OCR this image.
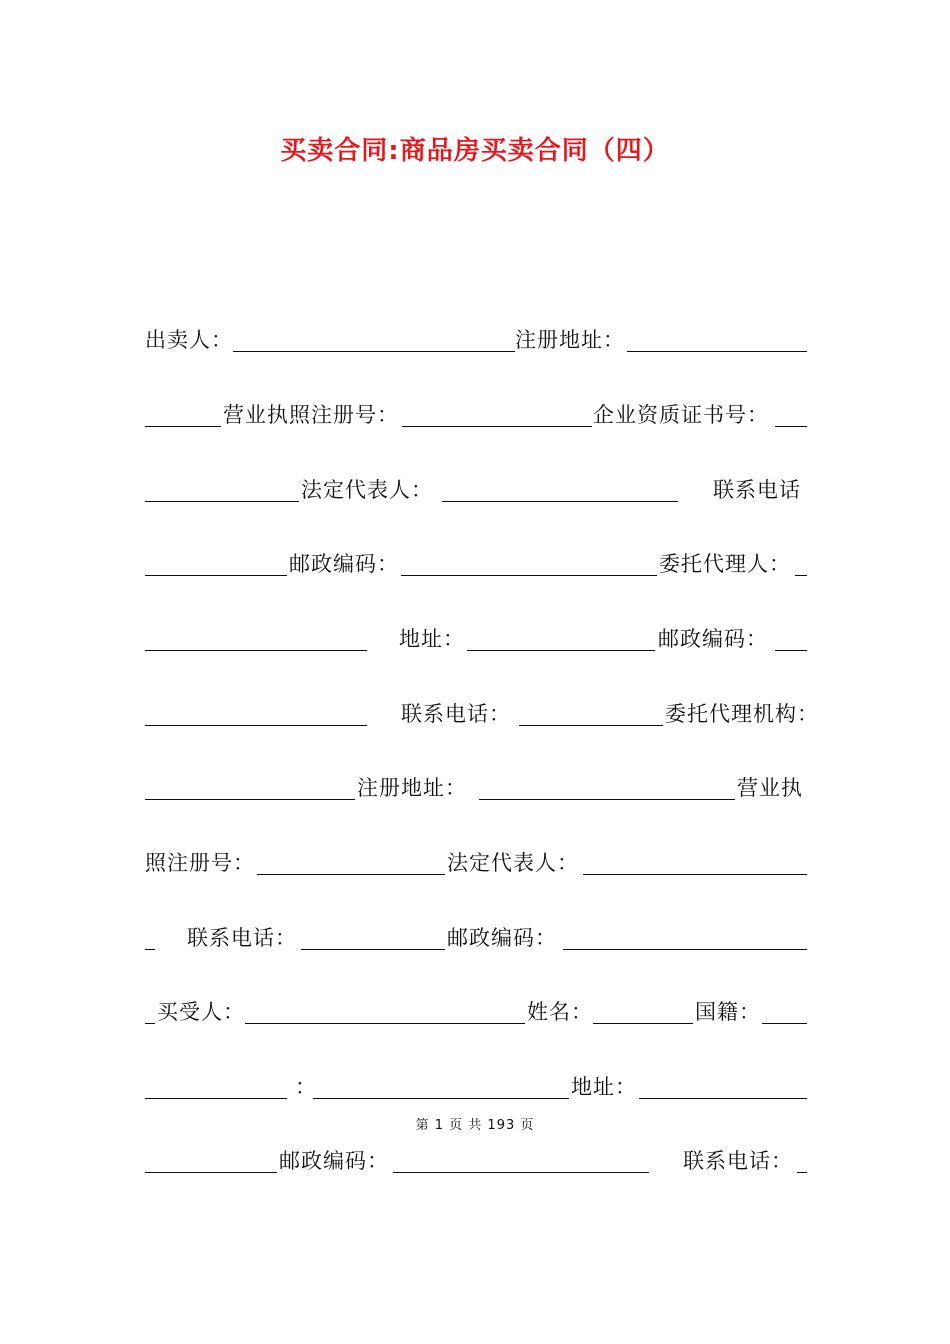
买卖合同:商品房买卖合同（四）
出卖人：	注册地址：
营业执照注册号：	企业资质证书号：
法定代表人：	联系电话
邮政编码：	委托代理人：
地址：	邮政编码：
联系电话：	委托代理机构：
注册地址：	营业执
照注册号：	法定代表人：
联系电话：	邮政编码：
买受人：	姓名：	国籍：
：	地址：
第 1 页 共 193 页
邮政编码：	联系电话：
